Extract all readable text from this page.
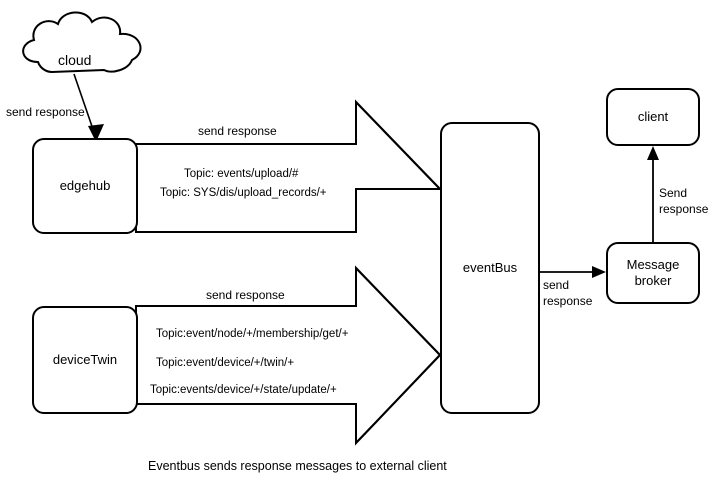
cloud
edgehub
deviceTwin
eventBus	Message
broker
client
send response
send response
send response
send
response
Send
response
Topic: events/upload/#
Topic: SYS/dis/upload_records/+
Topic:event/node/+/membership/get/+
Topic:event/device/+/twin/+
Topic:events/device/+/state/update/+
Eventbus sends response messages to external client
